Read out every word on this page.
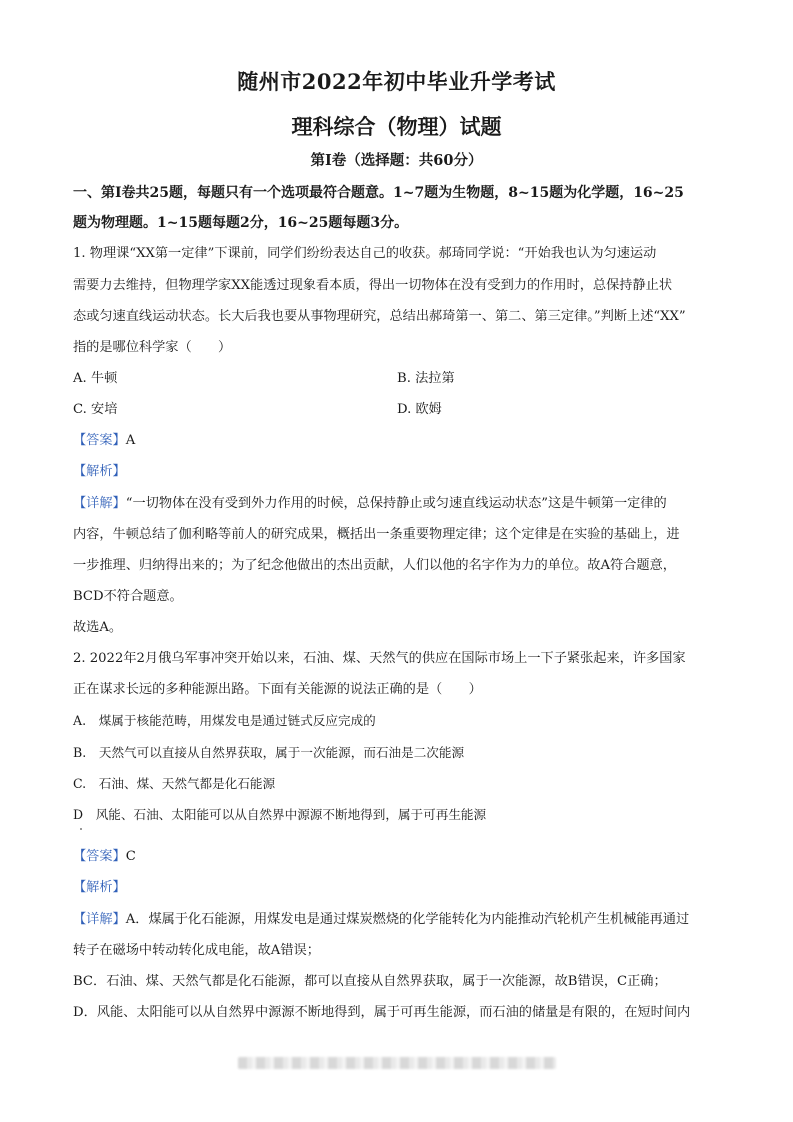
随州市2022年初中毕业升学考试
理科综合（物理）试题
第I卷（选择题：共60分）
一、第I卷共25题，每题只有一个选项最符合题意。1~7题为生物题，8~15题为化学题，16~25
题为物理题。1~15题每题2分，16~25题每题3分。
1. 物理课“XX第一定律”下课前，同学们纷纷表达自己的收获。郝琦同学说：“开始我也认为匀速运动
需要力去维持，但物理学家XX能透过现象看本质，得出一切物体在没有受到力的作用时，总保持静止状
态或匀速直线运动状态。长大后我也要从事物理研究，总结出郝琦第一、第二、第三定律。”判断上述“XX”
指的是哪位科学家（　　）
A. 牛顿	B. 法拉第
C. 安培	D. 欧姆
【答案】A
【解析】
【详解】“一切物体在没有受到外力作用的时候，总保持静止或匀速直线运动状态”这是牛顿第一定律的
内容，牛顿总结了伽利略等前人的研究成果，概括出一条重要物理定律；这个定律是在实验的基础上，进
一步推理、归纳得出来的；为了纪念他做出的杰出贡献，人们以他的名字作为力的单位。故A符合题意，
BCD不符合题意。
故选A。
2. 2022年2月俄乌军事冲突开始以来，石油、煤、天然气的供应在国际市场上一下子紧张起来，许多国家
正在谋求长远的多种能源出路。下面有关能源的说法正确的是（　　）
A.　煤属于核能范畴，用煤发电是通过链式反应完成的
B.　天然气可以直接从自然界获取，属于一次能源，而石油是二次能源
C.　石油、煤、天然气都是化石能源
D　风能、石油、太阳能可以从自然界中源源不断地得到，属于可再生能源
【答案】C
【解析】
【详解】A．煤属于化石能源，用煤发电是通过煤炭燃烧的化学能转化为内能推动汽轮机产生机械能再通过
转子在磁场中转动转化成电能，故A错误；
BC．石油、煤、天然气都是化石能源，都可以直接从自然界获取，属于一次能源，故B错误，C正确；
D．风能、太阳能可以从自然界中源源不断地得到，属于可再生能源，而石油的储量是有限的，在短时间内
